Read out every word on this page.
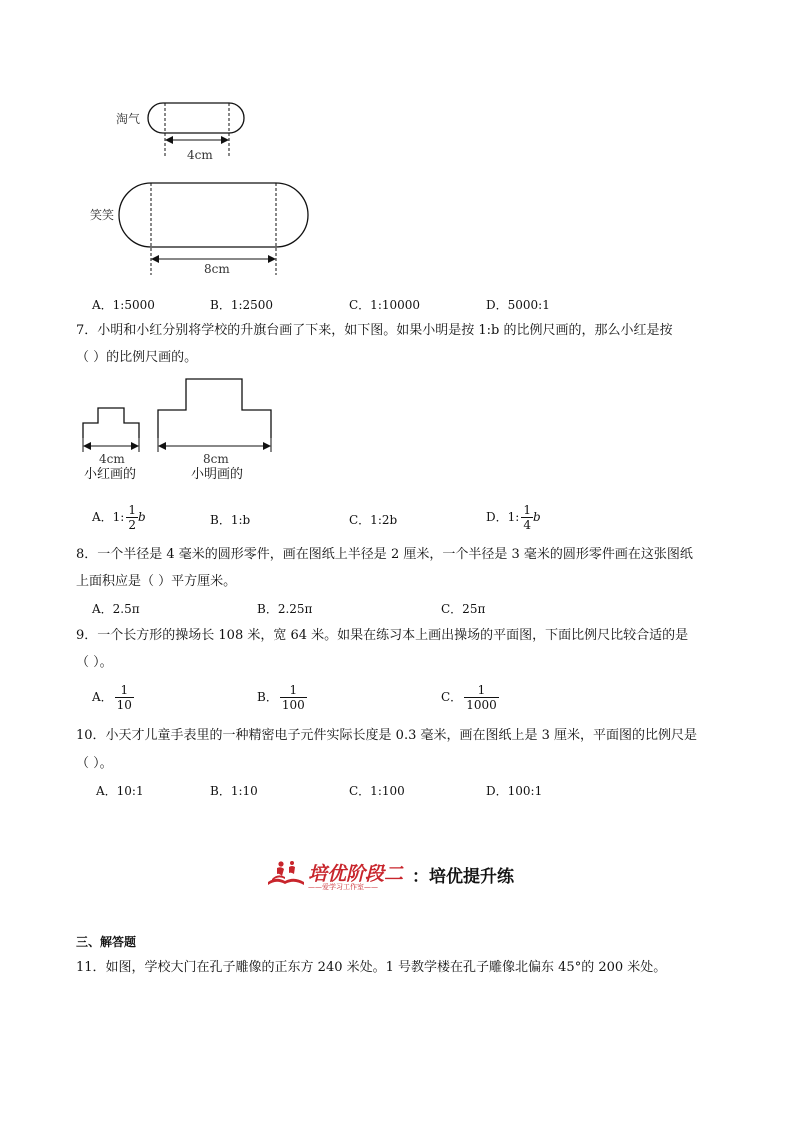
淘气
笑笑
4cm
8cm
A．1:5000	B．1:2500	C．1:10000	D．5000:1
7．小明和小红分别将学校的升旗台画了下来，如下图。如果小明是按 1:b 的比例尺画的，那么小红是按
（ ）的比例尺画的。
4cm	8cm
小红画的	小明画的
A．1: $\frac{1}{2}$ b	B．1:b	C．1:2b	D．1: $\frac{1}{4}$ b
8．一个半径是 4 毫米的圆形零件，画在图纸上半径是 2 厘米，一个半径是 3 毫米的圆形零件画在这张图纸
上面积应是（ ）平方厘米。
A．2.5π	B．2.25π	C．25π
9．一个长方形的操场长 108 米，宽 64 米。如果在练习本上画出操场的平面图，下面比例尺比较合适的是
（ ）。
A． $\frac{1}{10}$	B． $\frac{1}{100}$	C． $\frac{1}{1000}$
10．小天才儿童手表里的一种精密电子元件实际长度是 0.3 毫米，画在图纸上是 3 厘米，平面图的比例尺是
（ ）。
A．10:1	B．1:10	C．1:100	D．100:1
培优阶段二 ：培优提升练
——爱学习工作室——
三、解答题
11．如图，学校大门在孔子雕像的正东方 240 米处。1 号教学楼在孔子雕像北偏东 45°的 200 米处。
